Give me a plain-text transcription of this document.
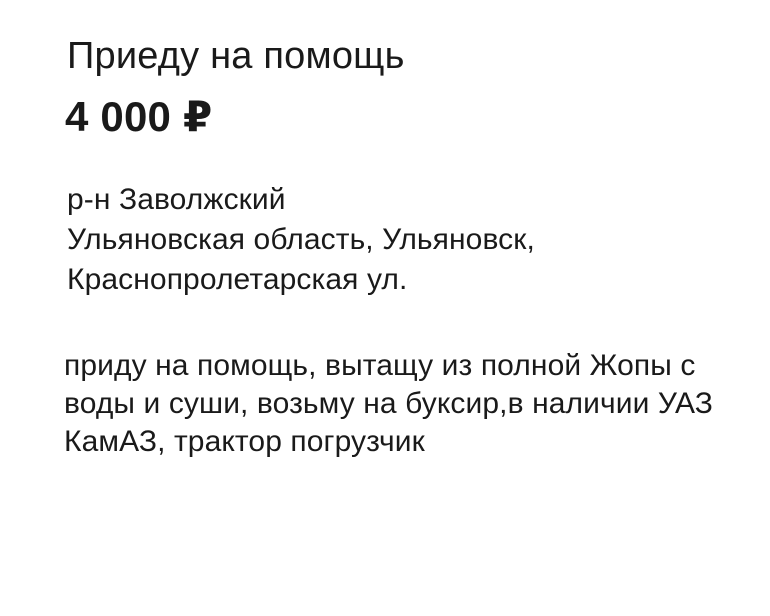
Приеду на помощь
4 000 ₽
р-н Заволжский
Ульяновская область, Ульяновск,
Краснопролетарская ул.
приду на помощь, вытащу из полной Жопы с
воды и суши, возьму на буксир,в наличии УАЗ
КамАЗ, трактор погрузчик
